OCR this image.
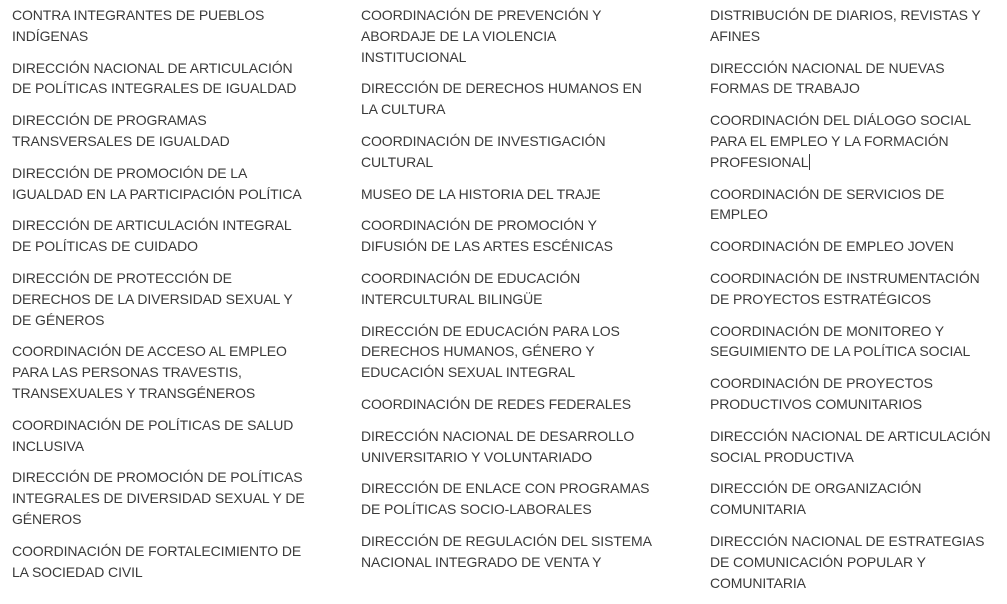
CONTRA INTEGRANTES DE PUEBLOS
INDÍGENAS
DIRECCIÓN NACIONAL DE ARTICULACIÓN
DE POLÍTICAS INTEGRALES DE IGUALDAD
DIRECCIÓN DE PROGRAMAS
TRANSVERSALES DE IGUALDAD
DIRECCIÓN DE PROMOCIÓN DE LA
IGUALDAD EN LA PARTICIPACIÓN POLÍTICA
DIRECCIÓN DE ARTICULACIÓN INTEGRAL
DE POLÍTICAS DE CUIDADO
DIRECCIÓN DE PROTECCIÓN DE
DERECHOS DE LA DIVERSIDAD SEXUAL Y
DE GÉNEROS
COORDINACIÓN DE ACCESO AL EMPLEO
PARA LAS PERSONAS TRAVESTIS,
TRANSEXUALES Y TRANSGÉNEROS
COORDINACIÓN DE POLÍTICAS DE SALUD
INCLUSIVA
DIRECCIÓN DE PROMOCIÓN DE POLÍTICAS
INTEGRALES DE DIVERSIDAD SEXUAL Y DE
GÉNEROS
COORDINACIÓN DE FORTALECIMIENTO DE
LA SOCIEDAD CIVIL
COORDINACIÓN DE PREVENCIÓN Y
ABORDAJE DE LA VIOLENCIA
INSTITUCIONAL
DIRECCIÓN DE DERECHOS HUMANOS EN
LA CULTURA
COORDINACIÓN DE INVESTIGACIÓN
CULTURAL
MUSEO DE LA HISTORIA DEL TRAJE
COORDINACIÓN DE PROMOCIÓN Y
DIFUSIÓN DE LAS ARTES ESCÉNICAS
COORDINACIÓN DE EDUCACIÓN
INTERCULTURAL BILINGÜE
DIRECCIÓN DE EDUCACIÓN PARA LOS
DERECHOS HUMANOS, GÉNERO Y
EDUCACIÓN SEXUAL INTEGRAL
COORDINACIÓN DE REDES FEDERALES
DIRECCIÓN NACIONAL DE DESARROLLO
UNIVERSITARIO Y VOLUNTARIADO
DIRECCIÓN DE ENLACE CON PROGRAMAS
DE POLÍTICAS SOCIO-LABORALES
DIRECCIÓN DE REGULACIÓN DEL SISTEMA
NACIONAL INTEGRADO DE VENTA Y
DISTRIBUCIÓN DE DIARIOS, REVISTAS Y
AFINES
DIRECCIÓN NACIONAL DE NUEVAS
FORMAS DE TRABAJO
COORDINACIÓN DEL DIÁLOGO SOCIAL
PARA EL EMPLEO Y LA FORMACIÓN
PROFESIONAL
COORDINACIÓN DE SERVICIOS DE
EMPLEO
COORDINACIÓN DE EMPLEO JOVEN
COORDINACIÓN DE INSTRUMENTACIÓN
DE PROYECTOS ESTRATÉGICOS
COORDINACIÓN DE MONITOREO Y
SEGUIMIENTO DE LA POLÍTICA SOCIAL
COORDINACIÓN DE PROYECTOS
PRODUCTIVOS COMUNITARIOS
DIRECCIÓN NACIONAL DE ARTICULACIÓN
SOCIAL PRODUCTIVA
DIRECCIÓN DE ORGANIZACIÓN
COMUNITARIA
DIRECCIÓN NACIONAL DE ESTRATEGIAS
DE COMUNICACIÓN POPULAR Y
COMUNITARIA
